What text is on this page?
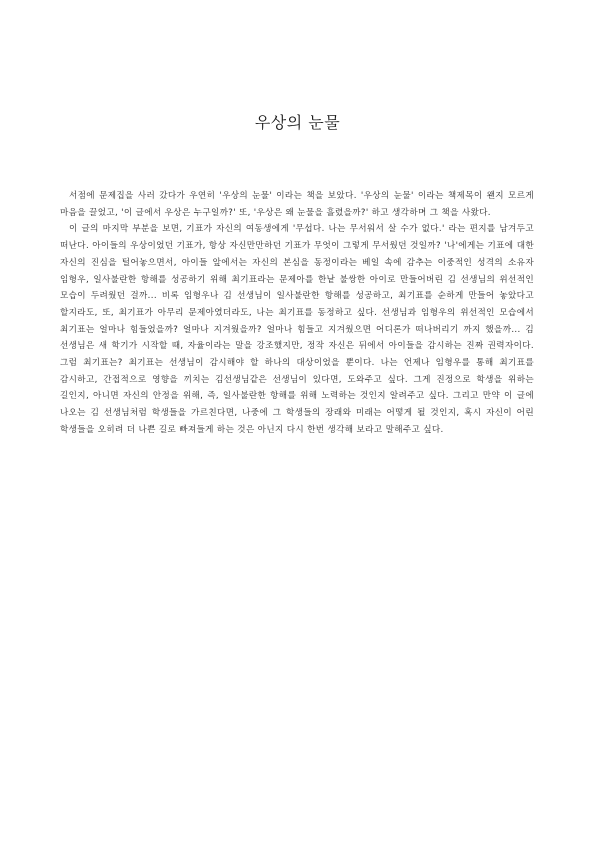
우상의 눈물

서점에 문제집을 사러 갔다가 우연히 '우상의 눈물' 이라는 책을 보았다. '우상의 눈물' 이라는 책제목이 왠지 모르게 마음을 끌었고, '이 글에서 우상은 누구일까?' 또, '우상은 왜 눈물을 흘렸을까?' 하고 생각하며 그 책을 사왔다.

이 글의 마지막 부분을 보면, 기표가 자신의 여동생에게 '무섭다. 나는 무서워서 살 수가 없다.' 라는 편지를 남겨두고 떠난다. 아이들의 우상이었던 기표가, 항상 자신만만하던 기표가 무엇이 그렇게 무서웠던 것일까? '나'에게는 기표에 대한 자신의 진심을 털어놓으면서, 아이들 앞에서는 자신의 본심을 동정이라는 베일 속에 감추는 이중적인 성격의 소유자 임형우, 일사불란한 항해를 성공하기 위해 최기표라는 문제아를 한낱 불쌍한 아이로 만들어버린 김 선생님의 위선적인 모습이 두려웠던 걸까... 비록 임형우나 김 선생님이 일사불란한 항해를 성공하고, 최기표를 순하게 만들어 놓았다고 할지라도, 또, 최기표가 아무리 문제아였더라도, 나는 최기표를 동정하고 싶다. 선생님과 임형우의 위선적인 모습에서 최기표는 얼마나 힘들었을까? 얼마나 지겨웠을까? 얼마나 힘들고 지겨웠으면 어디론가 떠나버리기 까지 했을까... 김 선생님은 새 학기가 시작할 때, 자율이라는 말을 강조했지만, 정작 자신은 뒤에서 아이들을 감시하는 진짜 권력자이다. 그럼 최기표는? 최기표는 선생님이 감시해야 할 하나의 대상이었을 뿐이다. 나는 언제나 임형우를 통해 최기표를 감시하고, 간접적으로 영향을 끼치는 김선생님같은 선생님이 있다면, 도와주고 싶다. 그게 진정으로 학생을 위하는 길인지, 아니면 자신의 안정을 위해, 즉, 일사불란한 항해를 위해 노력하는 것인지 알려주고 싶다. 그리고 만약 이 글에 나오는 김 선생님처럼 학생들을 가르친다면, 나중에 그 학생들의 장래와 미래는 어떻게 될 것인지, 혹시 자신이 어린 학생들을 오히려 더 나쁜 길로 빠져들게 하는 것은 아닌지 다시 한번 생각해 보라고 말해주고 싶다.
